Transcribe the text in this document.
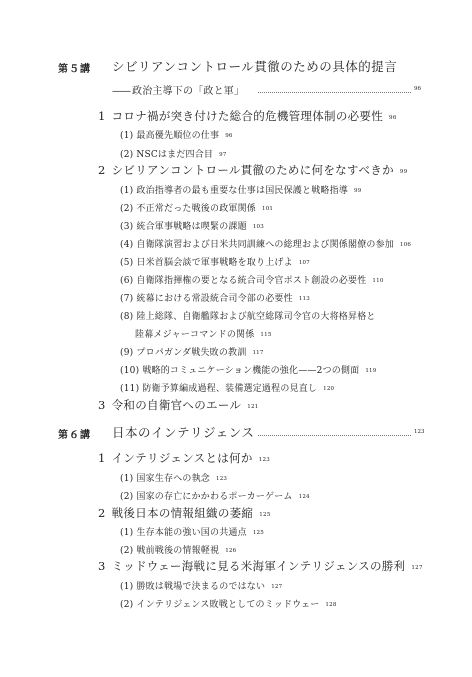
第５講 シビリアンコントロール貫徹のための具体的提言
—— 政治主導下の「政と軍」	96
1 コロナ禍が突き付けた総合的危機管理体制の必要性 96
(1) 最高優先順位の仕事 96
(2) NSCはまだ四合目 97
2 シビリアンコントロール貫徹のために何をなすべきか 99
(1) 政治指導者の最も重要な仕事は国民保護と戦略指導 99
(2) 不正常だった戦後の政軍関係 101
(3) 統合軍事戦略は喫緊の課題 103
(4) 自衛隊演習および日米共同訓練への総理および関係閣僚の参加 106
(5) 日米首脳会談で軍事戦略を取り上げよ 107
(6) 自衛隊指揮権の要となる統合司令官ポスト創設の必要性 110
(7) 統幕における常設統合司令部の必要性 113
(8) 陸上総隊、自衛艦隊および航空総隊司令官の大将格昇格と
陸幕メジャーコマンドの関係 115
(9) プロパガンダ戦失敗の教訓 117
(10) 戦略的コミュニケーション機能の強化——2つの側面 119
(11) 防衛予算編成過程、装備選定過程の見直し 120
3 令和の自衛官へのエール 121
第６講 日本のインテリジェンス	123
1 インテリジェンスとは何か 123
(1) 国家生存への執念 123
(2) 国家の存亡にかかわるポーカーゲーム 124
2 戦後日本の情報組織の萎縮 125
(1) 生存本能の強い国の共通点 125
(2) 戦前戦後の情報軽視 126
3 ミッドウェー海戦に見る米海軍インテリジェンスの勝利 127
(1) 勝敗は戦場で決まるのではない 127
(2) インテリジェンス敗戦としてのミッドウェー 128
